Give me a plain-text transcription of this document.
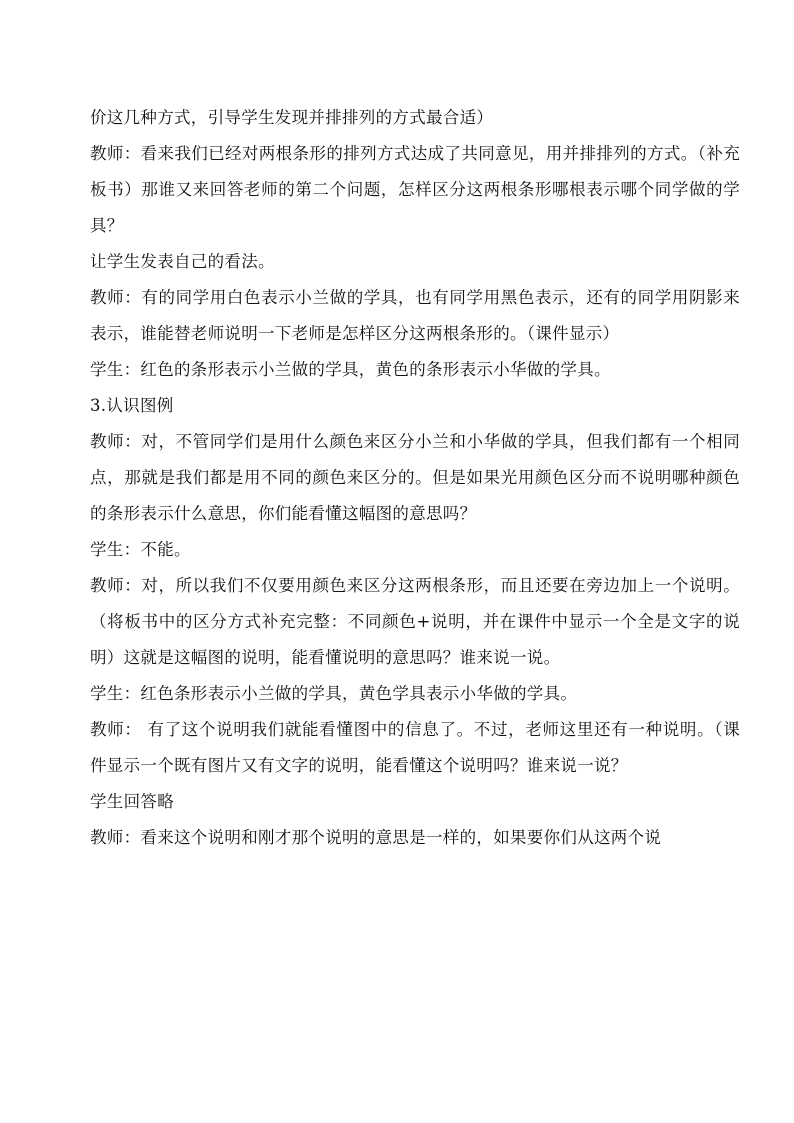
价这几种方式，引导学生发现并排排列的方式最合适）

教师：看来我们已经对两根条形的排列方式达成了共同意见，用并排排列的方式。（补充板书）那谁又来回答老师的第二个问题，怎样区分这两根条形哪根表示哪个同学做的学具？

让学生发表自己的看法。

教师：有的同学用白色表示小兰做的学具，也有同学用黑色表示，还有的同学用阴影来表示，谁能替老师说明一下老师是怎样区分这两根条形的。（课件显示）

学生：红色的条形表示小兰做的学具，黄色的条形表示小华做的学具。

3.认识图例

教师：对，不管同学们是用什么颜色来区分小兰和小华做的学具，但我们都有一个相同点，那就是我们都是用不同的颜色来区分的。但是如果光用颜色区分而不说明哪种颜色的条形表示什么意思，你们能看懂这幅图的意思吗？

学生：不能。

教师：对，所以我们不仅要用颜色来区分这两根条形，而且还要在旁边加上一个说明。（将板书中的区分方式补充完整：不同颜色+说明，并在课件中显示一个全是文字的说明）这就是这幅图的说明，能看懂说明的意思吗？谁来说一说。

学生：红色条形表示小兰做的学具，黄色学具表示小华做的学具。

教师： 有了这个说明我们就能看懂图中的信息了。不过，老师这里还有一种说明。（课件显示一个既有图片又有文字的说明，能看懂这个说明吗？谁来说一说？

学生回答略

教师：看来这个说明和刚才那个说明的意思是一样的，如果要你们从这两个说
